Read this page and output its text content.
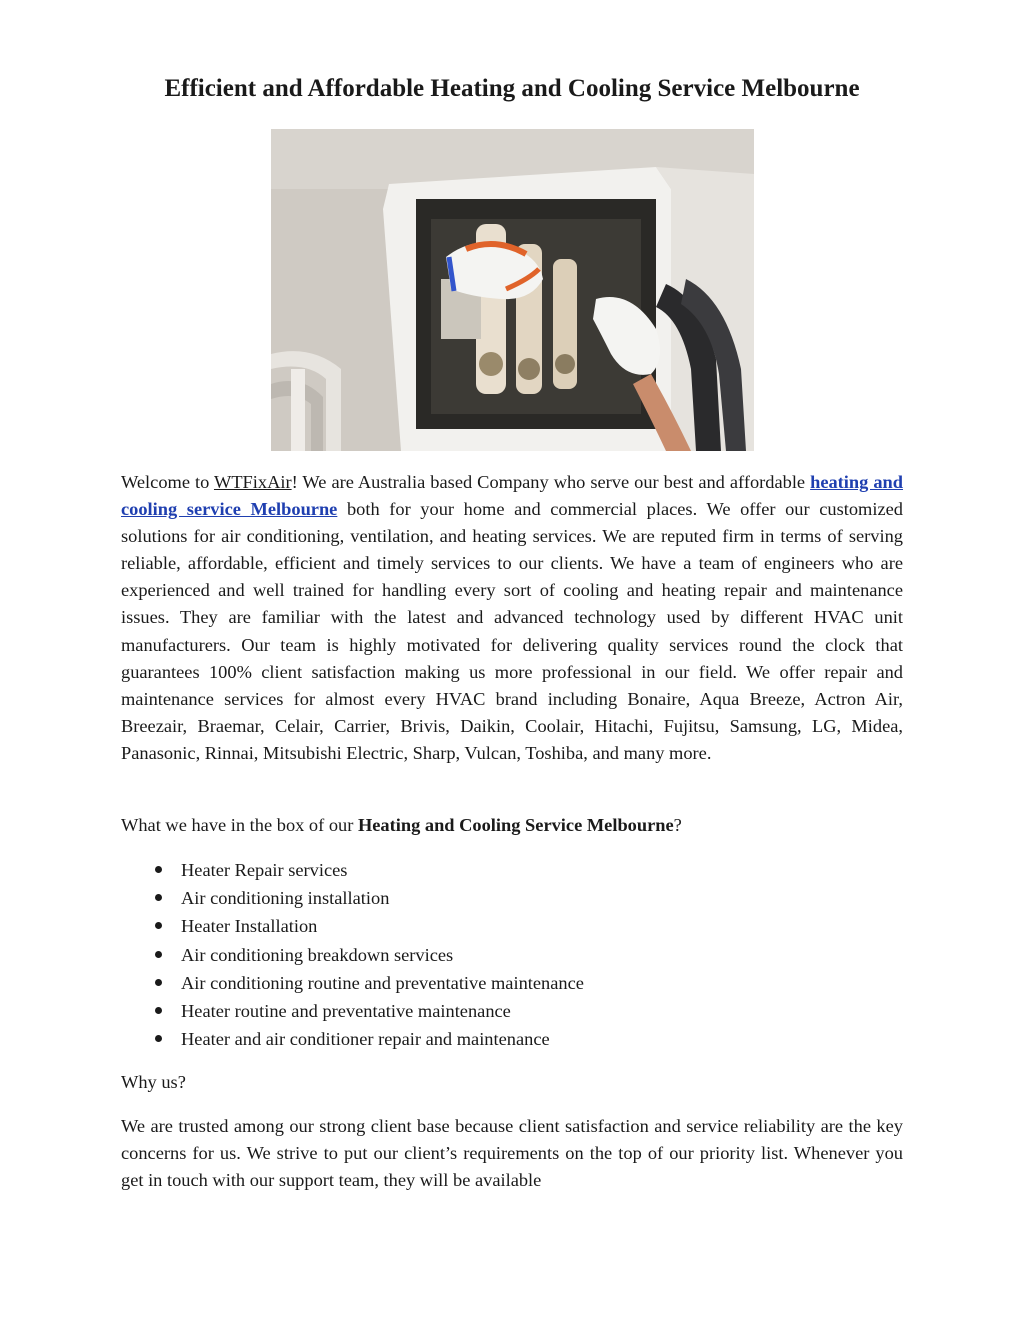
Efficient and Affordable Heating and Cooling Service Melbourne

Welcome to WTFixAir! We are Australia based Company who serve our best and affordable heating and cooling service Melbourne both for your home and commercial places. We offer our customized solutions for air conditioning, ventilation, and heating services. We are reputed firm in terms of serving reliable, affordable, efficient and timely services to our clients. We have a team of engineers who are experienced and well trained for handling every sort of cooling and heating repair and maintenance issues. They are familiar with the latest and advanced technology used by different HVAC unit manufacturers. Our team is highly motivated for delivering quality services round the clock that guarantees 100% client satisfaction making us more professional in our field. We offer repair and maintenance services for almost every HVAC brand including Bonaire, Aqua Breeze, Actron Air, Breezair, Braemar, Celair, Carrier, Brivis, Daikin, Coolair, Hitachi, Fujitsu, Samsung, LG, Midea, Panasonic, Rinnai, Mitsubishi Electric, Sharp, Vulcan, Toshiba, and many more.

What we have in the box of our Heating and Cooling Service Melbourne?

Heater Repair services
Air conditioning installation
Heater Installation
Air conditioning breakdown services
Air conditioning routine and preventative maintenance
Heater routine and preventative maintenance
Heater and air conditioner repair and maintenance

Why us?

We are trusted among our strong client base because client satisfaction and service reliability are the key concerns for us. We strive to put our client’s requirements on the top of our priority list. Whenever you get in touch with our support team, they will be available
